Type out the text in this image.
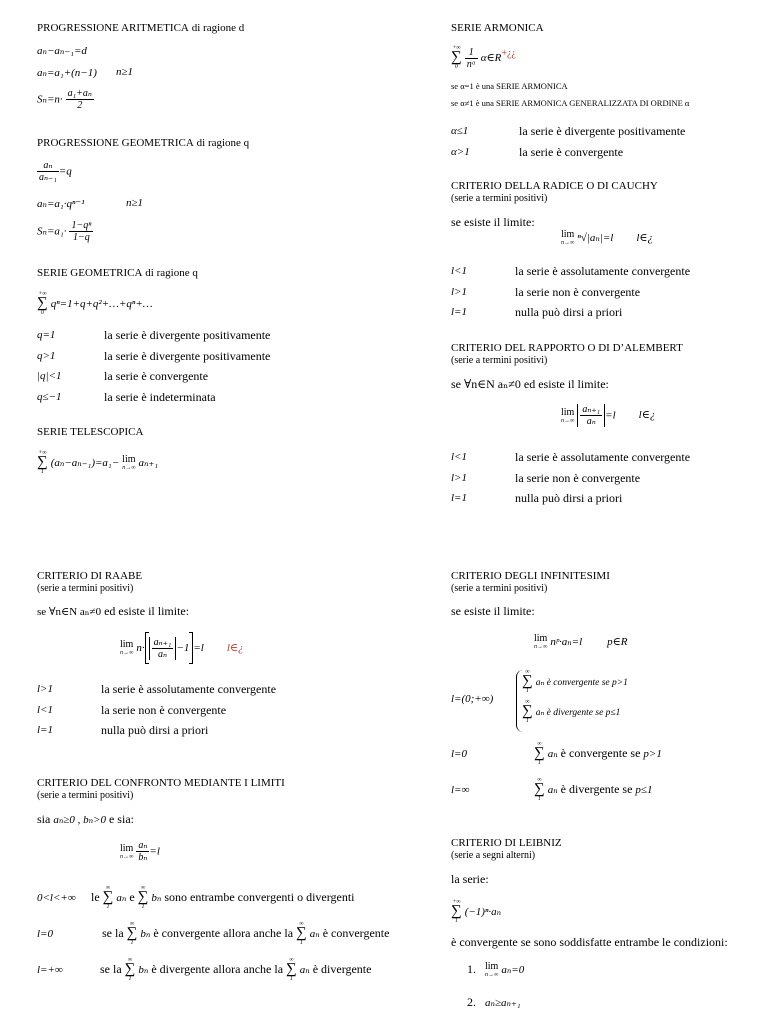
PROGRESSIONE ARITMETICA di ragione d
aₙ−aₙ₋₁=d
aₙ=a₁+(n−1) n≥1
$S_n=n\cdot \frac{\text{a₁+aₙ}}{2}$
PROGRESSIONE GEOMETRICA di ragione q
$\frac{\text{aₙ}}{\text{aₙ₋₁}} =q$
aₙ=a₁·qⁿ⁻¹	n≥1
$S_n=a_1\cdot \frac{\text{1−qⁿ}}{1-q}$
SERIE GEOMETRICA di ragione q
+∞
∑
0
qⁿ=1+q+q²+…+qⁿ+…
q=1	la serie è divergente positivamente
q>1	la serie è divergente positivamente
|q|<1	la serie è convergente
q≤−1	la serie è indeterminata
SERIE TELESCOPICA
+∞
∑
1
(aₙ−aₙ₋₁)=a₁− lim
n→∞ aₙ₊₁
CRITERIO DI RAABE
(serie a termini positivi)
se ∀n∈N aₙ≠0 ed esiste il limite:
lim
n→∞ $n\cdot \frac{\text{aₙ₊₁}}{\text{aₙ}} -1 =l$ l∈¿
l>1	la serie è assolutamente convergente
l<1	la serie non è convergente
l=1	nulla può dirsi a priori
CRITERIO DEL CONFRONTO MEDIANTE I LIMITI
(serie a termini positivi)
sia aₙ≥0 , bₙ>0 e sia:
lim
n→∞
$\frac{\text{aₙ}}{\text{bₙ}} =l$
0<l<+∞ le
∞
∑
1
aₙ e
∞
∑
1
bₙ sono entrambe convergenti o divergenti
l=0	se la
∞
∑
1
bₙ è convergente allora anche la
∞
∑
1
aₙ è convergente
l=+∞	se la
∞
∑
1
bₙ è divergente allora anche la
∞
∑
1
aₙ è divergente
SERIE ARMONICA
+∞
∑
0
$\frac{1}{\text{nᵅ}}$ α∈R+¿¿
se α=1 è una SERIE ARMONICA
se α≠1 è una SERIE ARMONICA GENERALIZZATA DI ORDINE α
α≤1	la serie è divergente positivamente
α>1	la serie è convergente
CRITERIO DELLA RADICE O DI CAUCHY
(serie a termini positivi)
se esiste il limite:
lim
n→∞ ⁿ√|aₙ|=l l∈¿
l<1	la serie è assolutamente convergente
l>1	la serie non è convergente
l=1	nulla può dirsi a priori
CRITERIO DEL RAPPORTO O DI D’ALEMBERT
(serie a termini positivi)
se ∀n∈N aₙ≠0 ed esiste il limite:
lim
n→∞
$\frac{\text{aₙ₊₁}}{\text{aₙ}} =l$ l∈¿
l<1	la serie è assolutamente convergente
l>1	la serie non è convergente
l=1	nulla può dirsi a priori
CRITERIO DEGLI INFINITESIMI
(serie a termini positivi)
se esiste il limite:
lim
n→∞ nᵖ·aₙ=l p∈R
l=(0;+∞)
∞
∑
1
aₙ è convergente se p>1
∞
∑
1
aₙ è divergente se p≤1
l=0
∞
∑
1
aₙ è convergente se p>1
l=∞
∞
∑
1
aₙ è divergente se p≤1
CRITERIO DI LEIBNIZ
(serie a segni alterni)
la serie:
+∞
∑
1
(−1)ⁿ·aₙ
è convergente se sono soddisfatte entrambe le condizioni:
1. lim
n→∞ aₙ=0
2. aₙ≥aₙ₊₁
